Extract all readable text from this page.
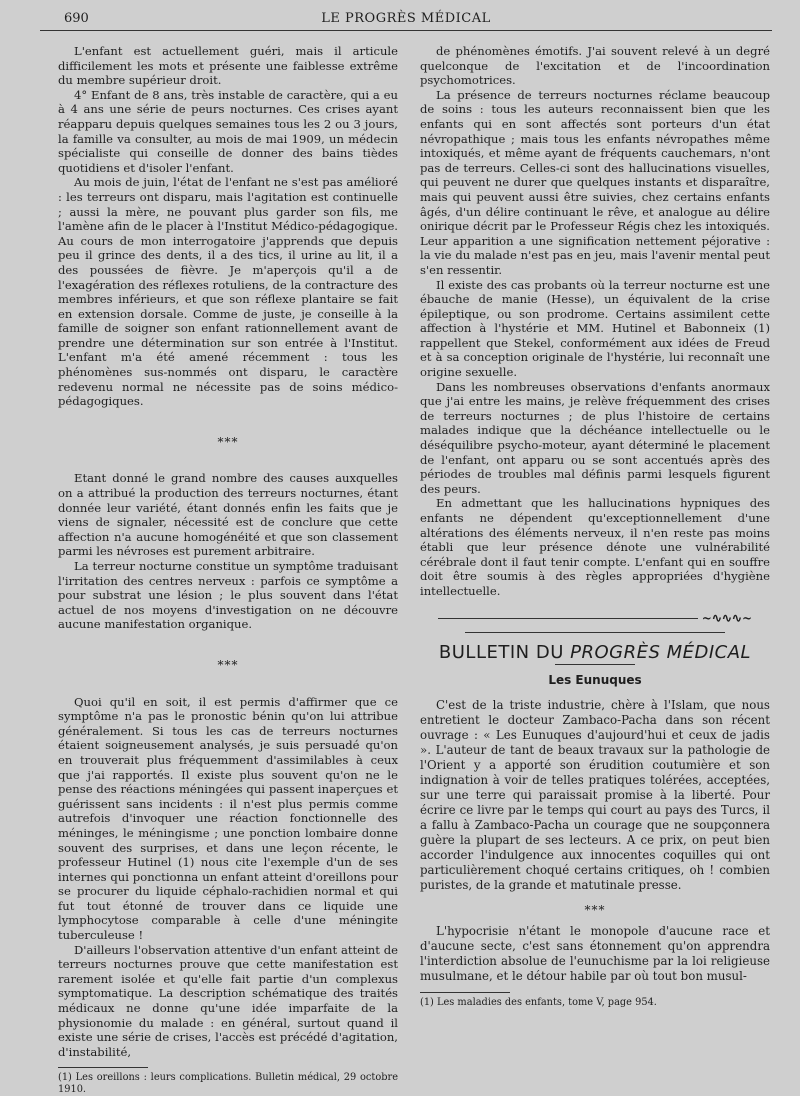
690	LE PROGRÈS MÉDICAL

L'enfant est actuellement guéri, mais il articule difficilement les mots et présente une faiblesse extrême du membre supérieur droit.

4° Enfant de 8 ans, très instable de caractère, qui a eu à 4 ans une série de peurs nocturnes. Ces crises ayant réapparu depuis quelques semaines tous les 2 ou 3 jours, la famille va consulter, au mois de mai 1909, un médecin spécialiste qui conseille de donner des bains tièdes quotidiens et d'isoler l'enfant.

Au mois de juin, l'état de l'enfant ne s'est pas amélioré : les terreurs ont disparu, mais l'agitation est continuelle ; aussi la mère, ne pouvant plus garder son fils, me l'amène afin de le placer à l'Institut Médico-pédagogique. Au cours de mon interrogatoire j'apprends que depuis peu il grince des dents, il a des tics, il urine au lit, il a des poussées de fièvre. Je m'aperçois qu'il a de l'exagération des réflexes rotuliens, de la contracture des membres inférieurs, et que son réflexe plantaire se fait en extension dorsale. Comme de juste, je conseille à la famille de soigner son enfant rationnellement avant de prendre une détermination sur son entrée à l'Institut. L'enfant m'a été amené récemment : tous les phénomènes sus-nommés ont disparu, le caractère redevenu normal ne nécessite pas de soins médico-pédagogiques.

***

Etant donné le grand nombre des causes auxquelles on a attribué la production des terreurs nocturnes, étant donnée leur variété, étant donnés enfin les faits que je viens de signaler, nécessité est de conclure que cette affection n'a aucune homogénéité et que son classement parmi les névroses est purement arbitraire.

La terreur nocturne constitue un symptôme traduisant l'irritation des centres nerveux : parfois ce symptôme a pour substrat une lésion ; le plus souvent dans l'état actuel de nos moyens d'investigation on ne découvre aucune manifestation organique.

***

Quoi qu'il en soit, il est permis d'affirmer que ce symptôme n'a pas le pronostic bénin qu'on lui attribue généralement. Si tous les cas de terreurs nocturnes étaient soigneusement analysés, je suis persuadé qu'on en trouverait plus fréquemment d'assimilables à ceux que j'ai rapportés. Il existe plus souvent qu'on ne le pense des réactions méningées qui passent inaperçues et guérissent sans incidents : il n'est plus permis comme autrefois d'invoquer une réaction fonctionnelle des méninges, le méningisme ; une ponction lombaire donne souvent des surprises, et dans une leçon récente, le professeur Hutinel (1) nous cite l'exemple d'un de ses internes qui ponctionna un enfant atteint d'oreillons pour se procurer du liquide céphalo-rachidien normal et qui fut tout étonné de trouver dans ce liquide une lymphocytose comparable à celle d'une méningite tuberculeuse !

D'ailleurs l'observation attentive d'un enfant atteint de terreurs nocturnes prouve que cette manifestation est rarement isolée et qu'elle fait partie d'un complexus symptomatique. La description schématique des traités médicaux ne donne qu'une idée imparfaite de la physionomie du malade : en général, surtout quand il existe une série de crises, l'accès est précédé d'agitation, d'instabilité,

(1) Les oreillons : leurs complications. Bulletin médical, 29 octobre 1910.

de phénomènes émotifs. J'ai souvent relevé à un degré quelconque de l'excitation et de l'incoordination psychomotrices.

La présence de terreurs nocturnes réclame beaucoup de soins : tous les auteurs reconnaissent bien que les enfants qui en sont affectés sont porteurs d'un état névropathique ; mais tous les enfants névropathes même intoxiqués, et même ayant de fréquents cauchemars, n'ont pas de terreurs. Celles-ci sont des hallucinations visuelles, qui peuvent ne durer que quelques instants et disparaître, mais qui peuvent aussi être suivies, chez certains enfants âgés, d'un délire continuant le rêve, et analogue au délire onirique décrit par le Professeur Régis chez les intoxiqués. Leur apparition a une signification nettement péjorative : la vie du malade n'est pas en jeu, mais l'avenir mental peut s'en ressentir.

Il existe des cas probants où la terreur nocturne est une ébauche de manie (Hesse), un équivalent de la crise épileptique, ou son prodrome. Certains assimilent cette affection à l'hystérie et MM. Hutinel et Babonneix (1) rappellent que Stekel, conformément aux idées de Freud et à sa conception originale de l'hystérie, lui reconnaît une origine sexuelle.

Dans les nombreuses observations d'enfants anormaux que j'ai entre les mains, je relève fréquemment des crises de terreurs nocturnes ; de plus l'histoire de certains malades indique que la déchéance intellectuelle ou le déséquilibre psycho-moteur, ayant déterminé le placement de l'enfant, ont apparu ou se sont accentués après des périodes de troubles mal définis parmi lesquels figurent des peurs.

En admettant que les hallucinations hypniques des enfants ne dépendent qu'exceptionnellement d'une altérations des éléments nerveux, il n'en reste pas moins établi que leur présence dénote une vulnérabilité cérébrale dont il faut tenir compte. L'enfant qui en souffre doit être soumis à des règles appropriées d'hygiène intellectuelle.

~∿∿∿~
BULLETIN DU PROGRÈS MÉDICAL
Les Eunuques

C'est de la triste industrie, chère à l'Islam, que nous entretient le docteur Zambaco-Pacha dans son récent ouvrage : « Les Eunuques d'aujourd'hui et ceux de jadis ». L'auteur de tant de beaux travaux sur la pathologie de l'Orient y a apporté son érudition coutumière et son indignation à voir de telles pratiques tolérées, acceptées, sur une terre qui paraissait promise à la liberté. Pour écrire ce livre par le temps qui court au pays des Turcs, il a fallu à Zambaco-Pacha un courage que ne soupçonnera guère la plupart de ses lecteurs. A ce prix, on peut bien accorder l'indulgence aux innocentes coquilles qui ont particulièrement choqué certains critiques, oh ! combien puristes, de la grande et matutinale presse.

***

L'hypocrisie n'étant le monopole d'aucune race et d'aucune secte, c'est sans étonnement qu'on apprendra l'interdiction absolue de l'eunuchisme par la loi religieuse musulmane, et le détour habile par où tout bon musul-

(1) Les maladies des enfants, tome V, page 954.
